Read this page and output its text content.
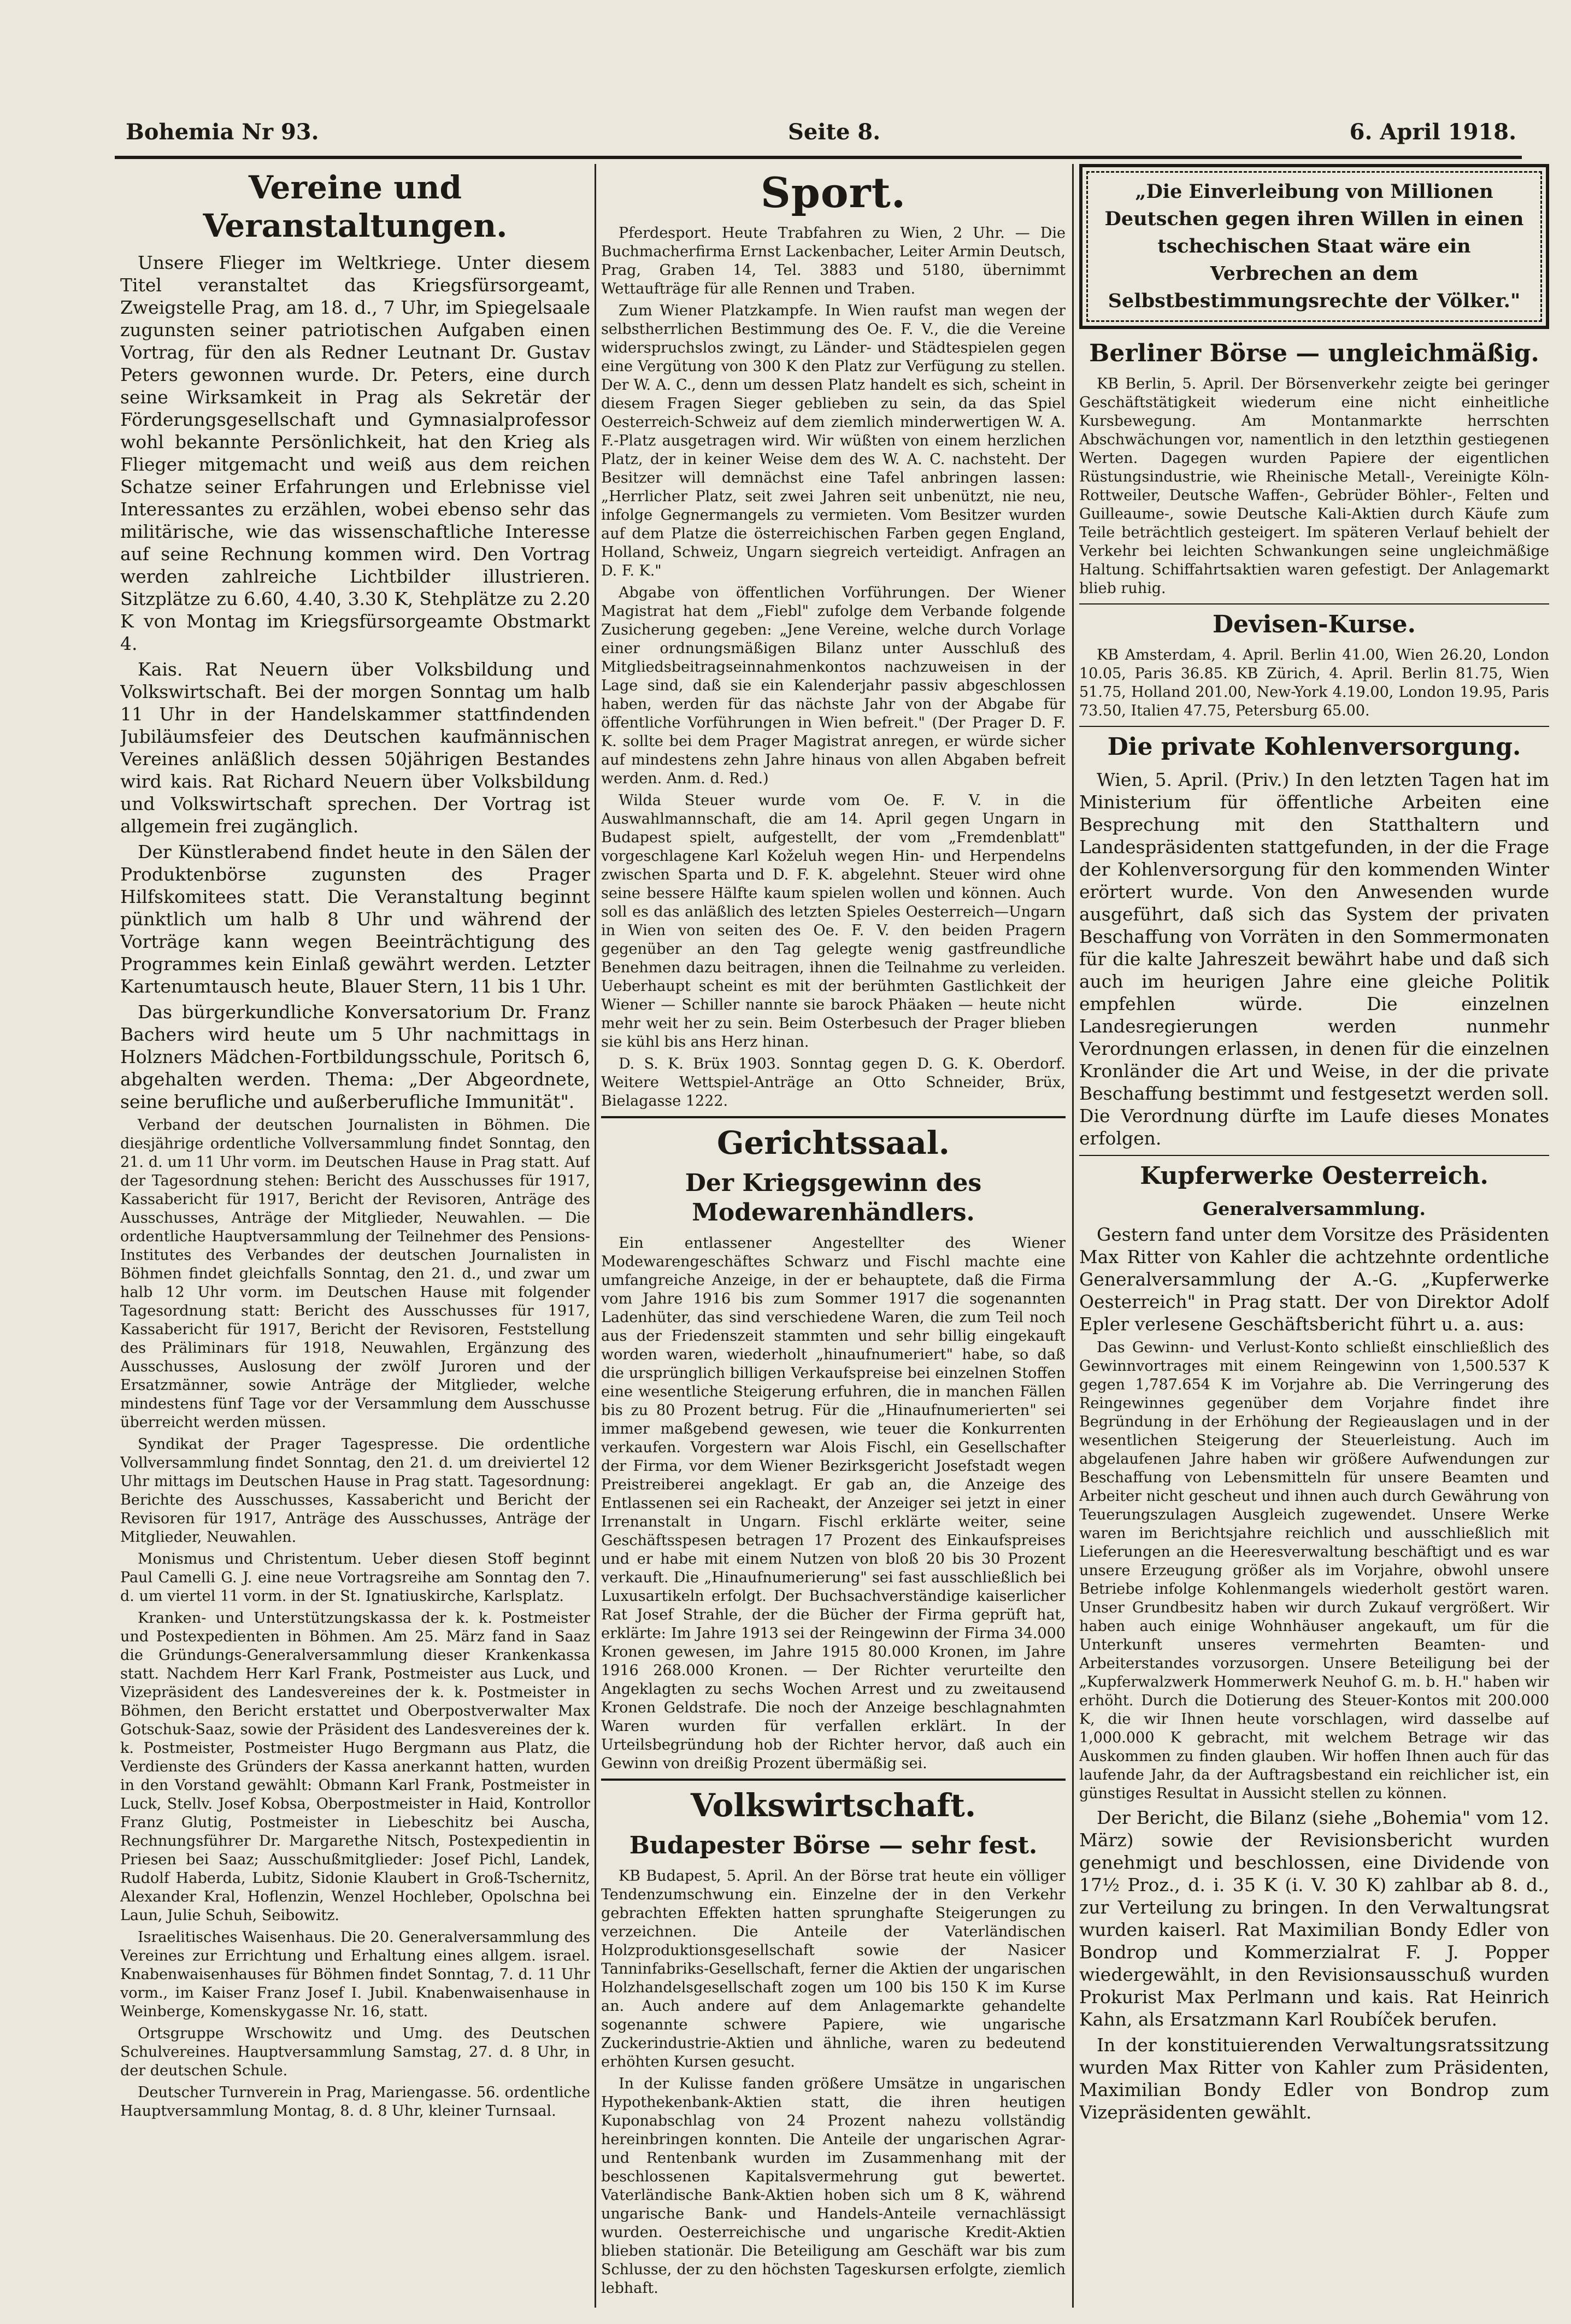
Bohemia Nr 93.	Seite 8.	6. April 1918.
Vereine und Veranstaltungen.

Unsere Flieger im Weltkriege. Unter diesem Titel veranstaltet das Kriegsfürsorgeamt, Zweigstelle Prag, am 18. d., 7 Uhr, im Spiegelsaale zugunsten seiner patriotischen Aufgaben einen Vortrag, für den als Redner Leutnant Dr. Gustav Peters gewonnen wurde. Dr. Peters, eine durch seine Wirksamkeit in Prag als Sekretär der Förderungsgesellschaft und Gymnasialprofessor wohl bekannte Persönlichkeit, hat den Krieg als Flieger mitgemacht und weiß aus dem reichen Schatze seiner Erfahrungen und Erlebnisse viel Interessantes zu erzählen, wobei ebenso sehr das militärische, wie das wissenschaftliche Interesse auf seine Rechnung kommen wird. Den Vortrag werden zahlreiche Lichtbilder illustrieren. Sitzplätze zu 6.60, 4.40, 3.30 K, Stehplätze zu 2.20 K von Montag im Kriegsfürsorgeamte Obstmarkt 4.

Kais. Rat Neuern über Volksbildung und Volkswirtschaft. Bei der morgen Sonntag um halb 11 Uhr in der Handelskammer stattfindenden Jubiläumsfeier des Deutschen kaufmännischen Vereines anläßlich dessen 50jährigen Bestandes wird kais. Rat Richard Neuern über Volksbildung und Volkswirtschaft sprechen. Der Vortrag ist allgemein frei zugänglich.

Der Künstlerabend findet heute in den Sälen der Produktenbörse zugunsten des Prager Hilfskomitees statt. Die Veranstaltung beginnt pünktlich um halb 8 Uhr und während der Vorträge kann wegen Beeinträchtigung des Programmes kein Einlaß gewährt werden. Letzter Kartenumtausch heute, Blauer Stern, 11 bis 1 Uhr.

Das bürgerkundliche Konversatorium Dr. Franz Bachers wird heute um 5 Uhr nachmittags in Holzners Mädchen-Fortbildungsschule, Poritsch 6, abgehalten werden. Thema: „Der Abgeordnete, seine berufliche und außerberufliche Immunität".

Verband der deutschen Journalisten in Böhmen. Die diesjährige ordentliche Vollversammlung findet Sonntag, den 21. d. um 11 Uhr vorm. im Deutschen Hause in Prag statt. Auf der Tagesordnung stehen: Bericht des Ausschusses für 1917, Kassabericht für 1917, Bericht der Revisoren, Anträge des Ausschusses, Anträge der Mitglieder, Neuwahlen. — Die ordentliche Hauptversammlung der Teilnehmer des Pensions-Institutes des Verbandes der deutschen Journalisten in Böhmen findet gleichfalls Sonntag, den 21. d., und zwar um halb 12 Uhr vorm. im Deutschen Hause mit folgender Tagesordnung statt: Bericht des Ausschusses für 1917, Kassabericht für 1917, Bericht der Revisoren, Feststellung des Präliminars für 1918, Neuwahlen, Ergänzung des Ausschusses, Auslosung der zwölf Juroren und der Ersatzmänner, sowie Anträge der Mitglieder, welche mindestens fünf Tage vor der Versammlung dem Ausschusse überreicht werden müssen.

Syndikat der Prager Tagespresse. Die ordentliche Vollversammlung findet Sonntag, den 21. d. um dreiviertel 12 Uhr mittags im Deutschen Hause in Prag statt. Tagesordnung: Berichte des Ausschusses, Kassabericht und Bericht der Revisoren für 1917, Anträge des Ausschusses, Anträge der Mitglieder, Neuwahlen.

Monismus und Christentum. Ueber diesen Stoff beginnt Paul Camelli G. J. eine neue Vortragsreihe am Sonntag den 7. d. um viertel 11 vorm. in der St. Ignatiuskirche, Karlsplatz.

Kranken- und Unterstützungskassa der k. k. Postmeister und Postexpedienten in Böhmen. Am 25. März fand in Saaz die Gründungs-Generalversammlung dieser Krankenkassa statt. Nachdem Herr Karl Frank, Postmeister aus Luck, und Vizepräsident des Landesvereines der k. k. Postmeister in Böhmen, den Bericht erstattet und Oberpostverwalter Max Gotschuk-Saaz, sowie der Präsident des Landesvereines der k. k. Postmeister, Postmeister Hugo Bergmann aus Platz, die Verdienste des Gründers der Kassa anerkannt hatten, wurden in den Vorstand gewählt: Obmann Karl Frank, Postmeister in Luck, Stellv. Josef Kobsa, Oberpostmeister in Haid, Kontrollor Franz Glutig, Postmeister in Liebeschitz bei Auscha, Rechnungsführer Dr. Margarethe Nitsch, Postexpedientin in Priesen bei Saaz; Ausschußmitglieder: Josef Pichl, Landek, Rudolf Haberda, Lubitz, Sidonie Klaubert in Groß-Tschernitz, Alexander Kral, Hoflenzin, Wenzel Hochleber, Opolschna bei Laun, Julie Schuh, Seibowitz.

Israelitisches Waisenhaus. Die 20. Generalversammlung des Vereines zur Errichtung und Erhaltung eines allgem. israel. Knabenwaisenhauses für Böhmen findet Sonntag, 7. d. 11 Uhr vorm., im Kaiser Franz Josef I. Jubil. Knabenwaisenhause in Weinberge, Komenskygasse Nr. 16, statt.

Ortsgruppe Wrschowitz und Umg. des Deutschen Schulvereines. Hauptversammlung Samstag, 27. d. 8 Uhr, in der deutschen Schule.

Deutscher Turnverein in Prag, Mariengasse. 56. ordentliche Hauptversammlung Montag, 8. d. 8 Uhr, kleiner Turnsaal.

Sport.

Pferdesport. Heute Trabfahren zu Wien, 2 Uhr. — Die Buchmacherfirma Ernst Lackenbacher, Leiter Armin Deutsch, Prag, Graben 14, Tel. 3883 und 5180, übernimmt Wettaufträge für alle Rennen und Traben.

Zum Wiener Platzkampfe. In Wien raufst man wegen der selbstherrlichen Bestimmung des Oe. F. V., die die Vereine widerspruchslos zwingt, zu Länder- und Städtespielen gegen eine Vergütung von 300 K den Platz zur Verfügung zu stellen. Der W. A. C., denn um dessen Platz handelt es sich, scheint in diesem Fragen Sieger geblieben zu sein, da das Spiel Oesterreich-Schweiz auf dem ziemlich minderwertigen W. A. F.-Platz ausgetragen wird. Wir wüßten von einem herzlichen Platz, der in keiner Weise dem des W. A. C. nachsteht. Der Besitzer will demnächst eine Tafel anbringen lassen: „Herrlicher Platz, seit zwei Jahren seit unbenützt, nie neu, infolge Gegnermangels zu vermieten. Vom Besitzer wurden auf dem Platze die österreichischen Farben gegen England, Holland, Schweiz, Ungarn siegreich verteidigt. Anfragen an D. F. K."

Abgabe von öffentlichen Vorführungen. Der Wiener Magistrat hat dem „Fiebl" zufolge dem Verbande folgende Zusicherung gegeben: „Jene Vereine, welche durch Vorlage einer ordnungsmäßigen Bilanz unter Ausschluß des Mitgliedsbeitragseinnahmenkontos nachzuweisen in der Lage sind, daß sie ein Kalenderjahr passiv abgeschlossen haben, werden für das nächste Jahr von der Abgabe für öffentliche Vorführungen in Wien befreit." (Der Prager D. F. K. sollte bei dem Prager Magistrat anregen, er würde sicher auf mindestens zehn Jahre hinaus von allen Abgaben befreit werden. Anm. d. Red.)

Wilda Steuer wurde vom Oe. F. V. in die Auswahlmannschaft, die am 14. April gegen Ungarn in Budapest spielt, aufgestellt, der vom „Fremdenblatt" vorgeschlagene Karl Koželuh wegen Hin- und Herpendelns zwischen Sparta und D. F. K. abgelehnt. Steuer wird ohne seine bessere Hälfte kaum spielen wollen und können. Auch soll es das anläßlich des letzten Spieles Oesterreich—Ungarn in Wien von seiten des Oe. F. V. den beiden Pragern gegenüber an den Tag gelegte wenig gastfreundliche Benehmen dazu beitragen, ihnen die Teilnahme zu verleiden. Ueberhaupt scheint es mit der berühmten Gastlichkeit der Wiener — Schiller nannte sie barock Phäaken — heute nicht mehr weit her zu sein. Beim Osterbesuch der Prager blieben sie kühl bis ans Herz hinan.

D. S. K. Brüx 1903. Sonntag gegen D. G. K. Oberdorf. Weitere Wettspiel-Anträge an Otto Schneider, Brüx, Bielagasse 1222.

Gerichtssaal.
Der Kriegsgewinn des Modewarenhändlers.

Ein entlassener Angestellter des Wiener Modewarengeschäftes Schwarz und Fischl machte eine umfangreiche Anzeige, in der er behauptete, daß die Firma vom Jahre 1916 bis zum Sommer 1917 die sogenannten Ladenhüter, das sind verschiedene Waren, die zum Teil noch aus der Friedenszeit stammten und sehr billig eingekauft worden waren, wiederholt „hinaufnumeriert" habe, so daß die ursprünglich billigen Verkaufspreise bei einzelnen Stoffen eine wesentliche Steigerung erfuhren, die in manchen Fällen bis zu 80 Prozent betrug. Für die „Hinaufnumerierten" sei immer maßgebend gewesen, wie teuer die Konkurrenten verkaufen. Vorgestern war Alois Fischl, ein Gesellschafter der Firma, vor dem Wiener Bezirksgericht Josefstadt wegen Preistreiberei angeklagt. Er gab an, die Anzeige des Entlassenen sei ein Racheakt, der Anzeiger sei jetzt in einer Irrenanstalt in Ungarn. Fischl erklärte weiter, seine Geschäftsspesen betragen 17 Prozent des Einkaufspreises und er habe mit einem Nutzen von bloß 20 bis 30 Prozent verkauft. Die „Hinaufnumerierung" sei fast ausschließlich bei Luxusartikeln erfolgt. Der Buchsachverständige kaiserlicher Rat Josef Strahle, der die Bücher der Firma geprüft hat, erklärte: Im Jahre 1913 sei der Reingewinn der Firma 34.000 Kronen gewesen, im Jahre 1915 80.000 Kronen, im Jahre 1916 268.000 Kronen. — Der Richter verurteilte den Angeklagten zu sechs Wochen Arrest und zu zweitausend Kronen Geldstrafe. Die noch der Anzeige beschlagnahmten Waren wurden für verfallen erklärt. In der Urteilsbegründung hob der Richter hervor, daß auch ein Gewinn von dreißig Prozent übermäßig sei.

Volkswirtschaft.
Budapester Börse — sehr fest.

KB Budapest, 5. April. An der Börse trat heute ein völliger Tendenzumschwung ein. Einzelne der in den Verkehr gebrachten Effekten hatten sprunghafte Steigerungen zu verzeichnen. Die Anteile der Vaterländischen Holzproduktionsgesellschaft sowie der Nasicer Tanninfabriks-Gesellschaft, ferner die Aktien der ungarischen Holzhandelsgesellschaft zogen um 100 bis 150 K im Kurse an. Auch andere auf dem Anlagemarkte gehandelte sogenannte schwere Papiere, wie ungarische Zuckerindustrie-Aktien und ähnliche, waren zu bedeutend erhöhten Kursen gesucht.

In der Kulisse fanden größere Umsätze in ungarischen Hypothekenbank-Aktien statt, die ihren heutigen Kuponabschlag von 24 Prozent nahezu vollständig hereinbringen konnten. Die Anteile der ungarischen Agrar- und Rentenbank wurden im Zusammenhang mit der beschlossenen Kapitalsvermehrung gut bewertet. Vaterländische Bank-Aktien hoben sich um 8 K, während ungarische Bank- und Handels-Anteile vernachlässigt wurden. Oesterreichische und ungarische Kredit-Aktien blieben stationär. Die Beteiligung am Geschäft war bis zum Schlusse, der zu den höchsten Tageskursen erfolgte, ziemlich lebhaft.

„Die Einverleibung von Millionen Deutschen gegen ihren Willen in einen tschechischen Staat wäre ein Verbrechen an dem Selbstbestimmungsrechte der Völker."
Berliner Börse — ungleichmäßig.

KB Berlin, 5. April. Der Börsenverkehr zeigte bei geringer Geschäftstätigkeit wiederum eine nicht einheitliche Kursbewegung. Am Montanmarkte herrschten Abschwächungen vor, namentlich in den letzthin gestiegenen Werten. Dagegen wurden Papiere der eigentlichen Rüstungsindustrie, wie Rheinische Metall-, Vereinigte Köln-Rottweiler, Deutsche Waffen-, Gebrüder Böhler-, Felten und Guilleaume-, sowie Deutsche Kali-Aktien durch Käufe zum Teile beträchtlich gesteigert. Im späteren Verlauf behielt der Verkehr bei leichten Schwankungen seine ungleichmäßige Haltung. Schiffahrtsaktien waren gefestigt. Der Anlagemarkt blieb ruhig.

Devisen-Kurse.

KB Amsterdam, 4. April. Berlin 41.00, Wien 26.20, London 10.05, Paris 36.85. KB Zürich, 4. April. Berlin 81.75, Wien 51.75, Holland 201.00, New-York 4.19.00, London 19.95, Paris 73.50, Italien 47.75, Petersburg 65.00.

Die private Kohlenversorgung.

Wien, 5. April. (Priv.) In den letzten Tagen hat im Ministerium für öffentliche Arbeiten eine Besprechung mit den Statthaltern und Landespräsidenten stattgefunden, in der die Frage der Kohlenversorgung für den kommenden Winter erörtert wurde. Von den Anwesenden wurde ausgeführt, daß sich das System der privaten Beschaffung von Vorräten in den Sommermonaten für die kalte Jahreszeit bewährt habe und daß sich auch im heurigen Jahre eine gleiche Politik empfehlen würde. Die einzelnen Landesregierungen werden nunmehr Verordnungen erlassen, in denen für die einzelnen Kronländer die Art und Weise, in der die private Beschaffung bestimmt und festgesetzt werden soll. Die Verordnung dürfte im Laufe dieses Monates erfolgen.

Kupferwerke Oesterreich.
Generalversammlung.

Gestern fand unter dem Vorsitze des Präsidenten Max Ritter von Kahler die achtzehnte ordentliche Generalversammlung der A.-G. „Kupferwerke Oesterreich" in Prag statt. Der von Direktor Adolf Epler verlesene Geschäftsbericht führt u. a. aus:

Das Gewinn- und Verlust-Konto schließt einschließlich des Gewinnvortrages mit einem Reingewinn von 1,500.537 K gegen 1,787.654 K im Vorjahre ab. Die Verringerung des Reingewinnes gegenüber dem Vorjahre findet ihre Begründung in der Erhöhung der Regieauslagen und in der wesentlichen Steigerung der Steuerleistung. Auch im abgelaufenen Jahre haben wir größere Aufwendungen zur Beschaffung von Lebensmitteln für unsere Beamten und Arbeiter nicht gescheut und ihnen auch durch Gewährung von Teuerungszulagen Ausgleich zugewendet. Unsere Werke waren im Berichtsjahre reichlich und ausschließlich mit Lieferungen an die Heeresverwaltung beschäftigt und es war unsere Erzeugung größer als im Vorjahre, obwohl unsere Betriebe infolge Kohlenmangels wiederholt gestört waren. Unser Grundbesitz haben wir durch Zukauf vergrößert. Wir haben auch einige Wohnhäuser angekauft, um für die Unterkunft unseres vermehrten Beamten- und Arbeiterstandes vorzusorgen. Unsere Beteiligung bei der „Kupferwalzwerk Hommerwerk Neuhof G. m. b. H." haben wir erhöht. Durch die Dotierung des Steuer-Kontos mit 200.000 K, die wir Ihnen heute vorschlagen, wird dasselbe auf 1,000.000 K gebracht, mit welchem Betrage wir das Auskommen zu finden glauben. Wir hoffen Ihnen auch für das laufende Jahr, da der Auftragsbestand ein reichlicher ist, ein günstiges Resultat in Aussicht stellen zu können.

Der Bericht, die Bilanz (siehe „Bohemia" vom 12. März) sowie der Revisionsbericht wurden genehmigt und beschlossen, eine Dividende von 17½ Proz., d. i. 35 K (i. V. 30 K) zahlbar ab 8. d., zur Verteilung zu bringen. In den Verwaltungsrat wurden kaiserl. Rat Maximilian Bondy Edler von Bondrop und Kommerzialrat F. J. Popper wiedergewählt, in den Revisionsausschuß wurden Prokurist Max Perlmann und kais. Rat Heinrich Kahn, als Ersatzmann Karl Roubíček berufen.

In der konstituierenden Verwaltungsratssitzung wurden Max Ritter von Kahler zum Präsidenten, Maximilian Bondy Edler von Bondrop zum Vizepräsidenten gewählt.
